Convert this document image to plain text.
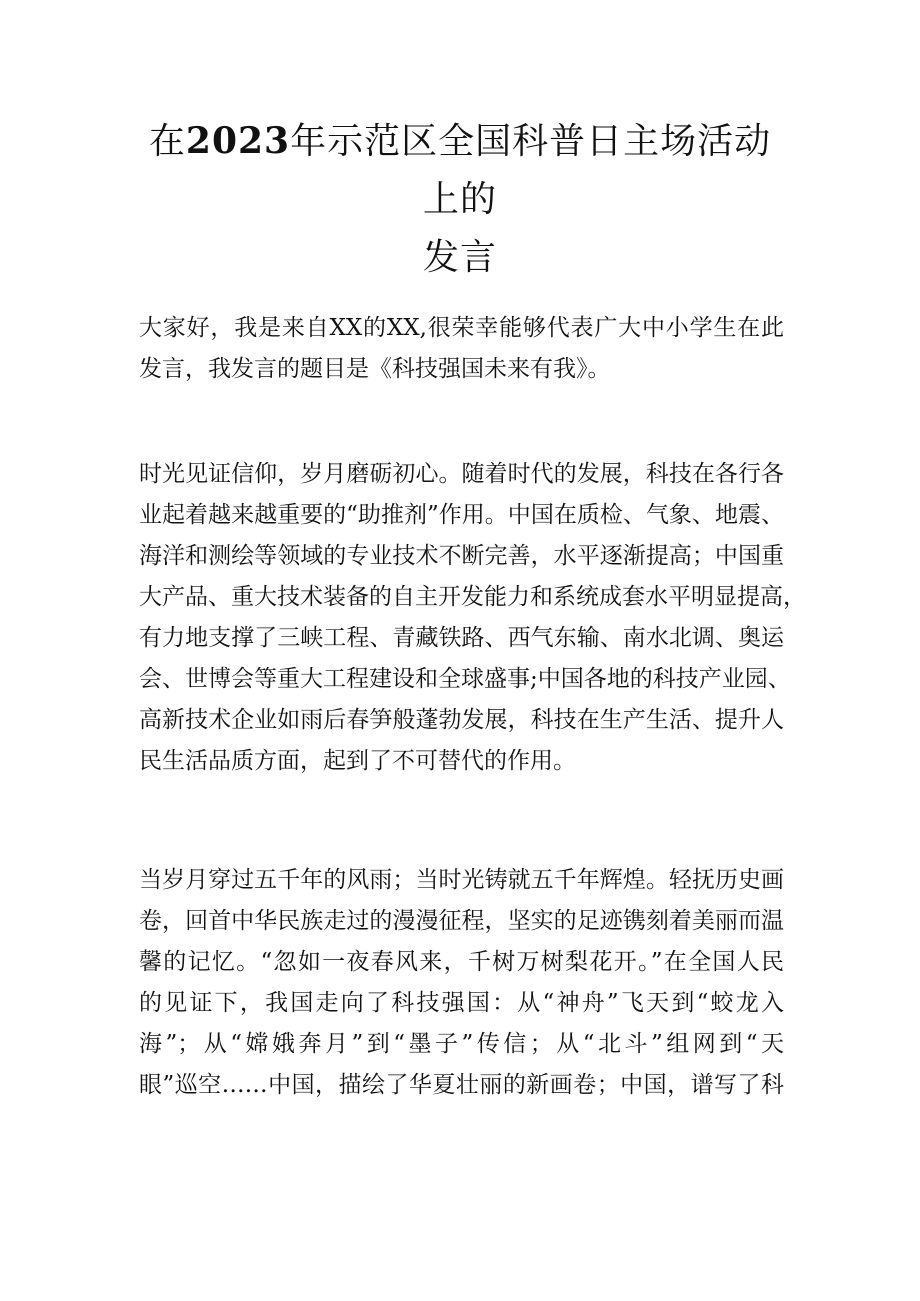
在2023年示范区全国科普日主场活动上的
发言
大家好，我是来自XX的XX,很荣幸能够代表广大中小学生在此
发言，我发言的题目是《科技强国未来有我》。
时光见证信仰，岁月磨砺初心。随着时代的发展，科技在各行各
业起着越来越重要的“助推剂”作用。中国在质检、气象、地震、
海洋和测绘等领域的专业技术不断完善，水平逐渐提高；中国重
大产品、重大技术装备的自主开发能力和系统成套水平明显提高，
有力地支撑了三峡工程、青藏铁路、西气东输、南水北调、奥运
会、世博会等重大工程建设和全球盛事;中国各地的科技产业园、
高新技术企业如雨后春笋般蓬勃发展，科技在生产生活、提升人
民生活品质方面，起到了不可替代的作用。
当岁月穿过五千年的风雨；当时光铸就五千年辉煌。轻抚历史画
卷，回首中华民族走过的漫漫征程，坚实的足迹镌刻着美丽而温
馨的记忆。“忽如一夜春风来，千树万树梨花开。”在全国人民
的见证下，我国走向了科技强国：从“神舟”飞天到“蛟龙入
海”；从“嫦娥奔月”到“墨子”传信；从“北斗”组网到“天
眼”巡空……中国，描绘了华夏壮丽的新画卷；中国，谱写了科
